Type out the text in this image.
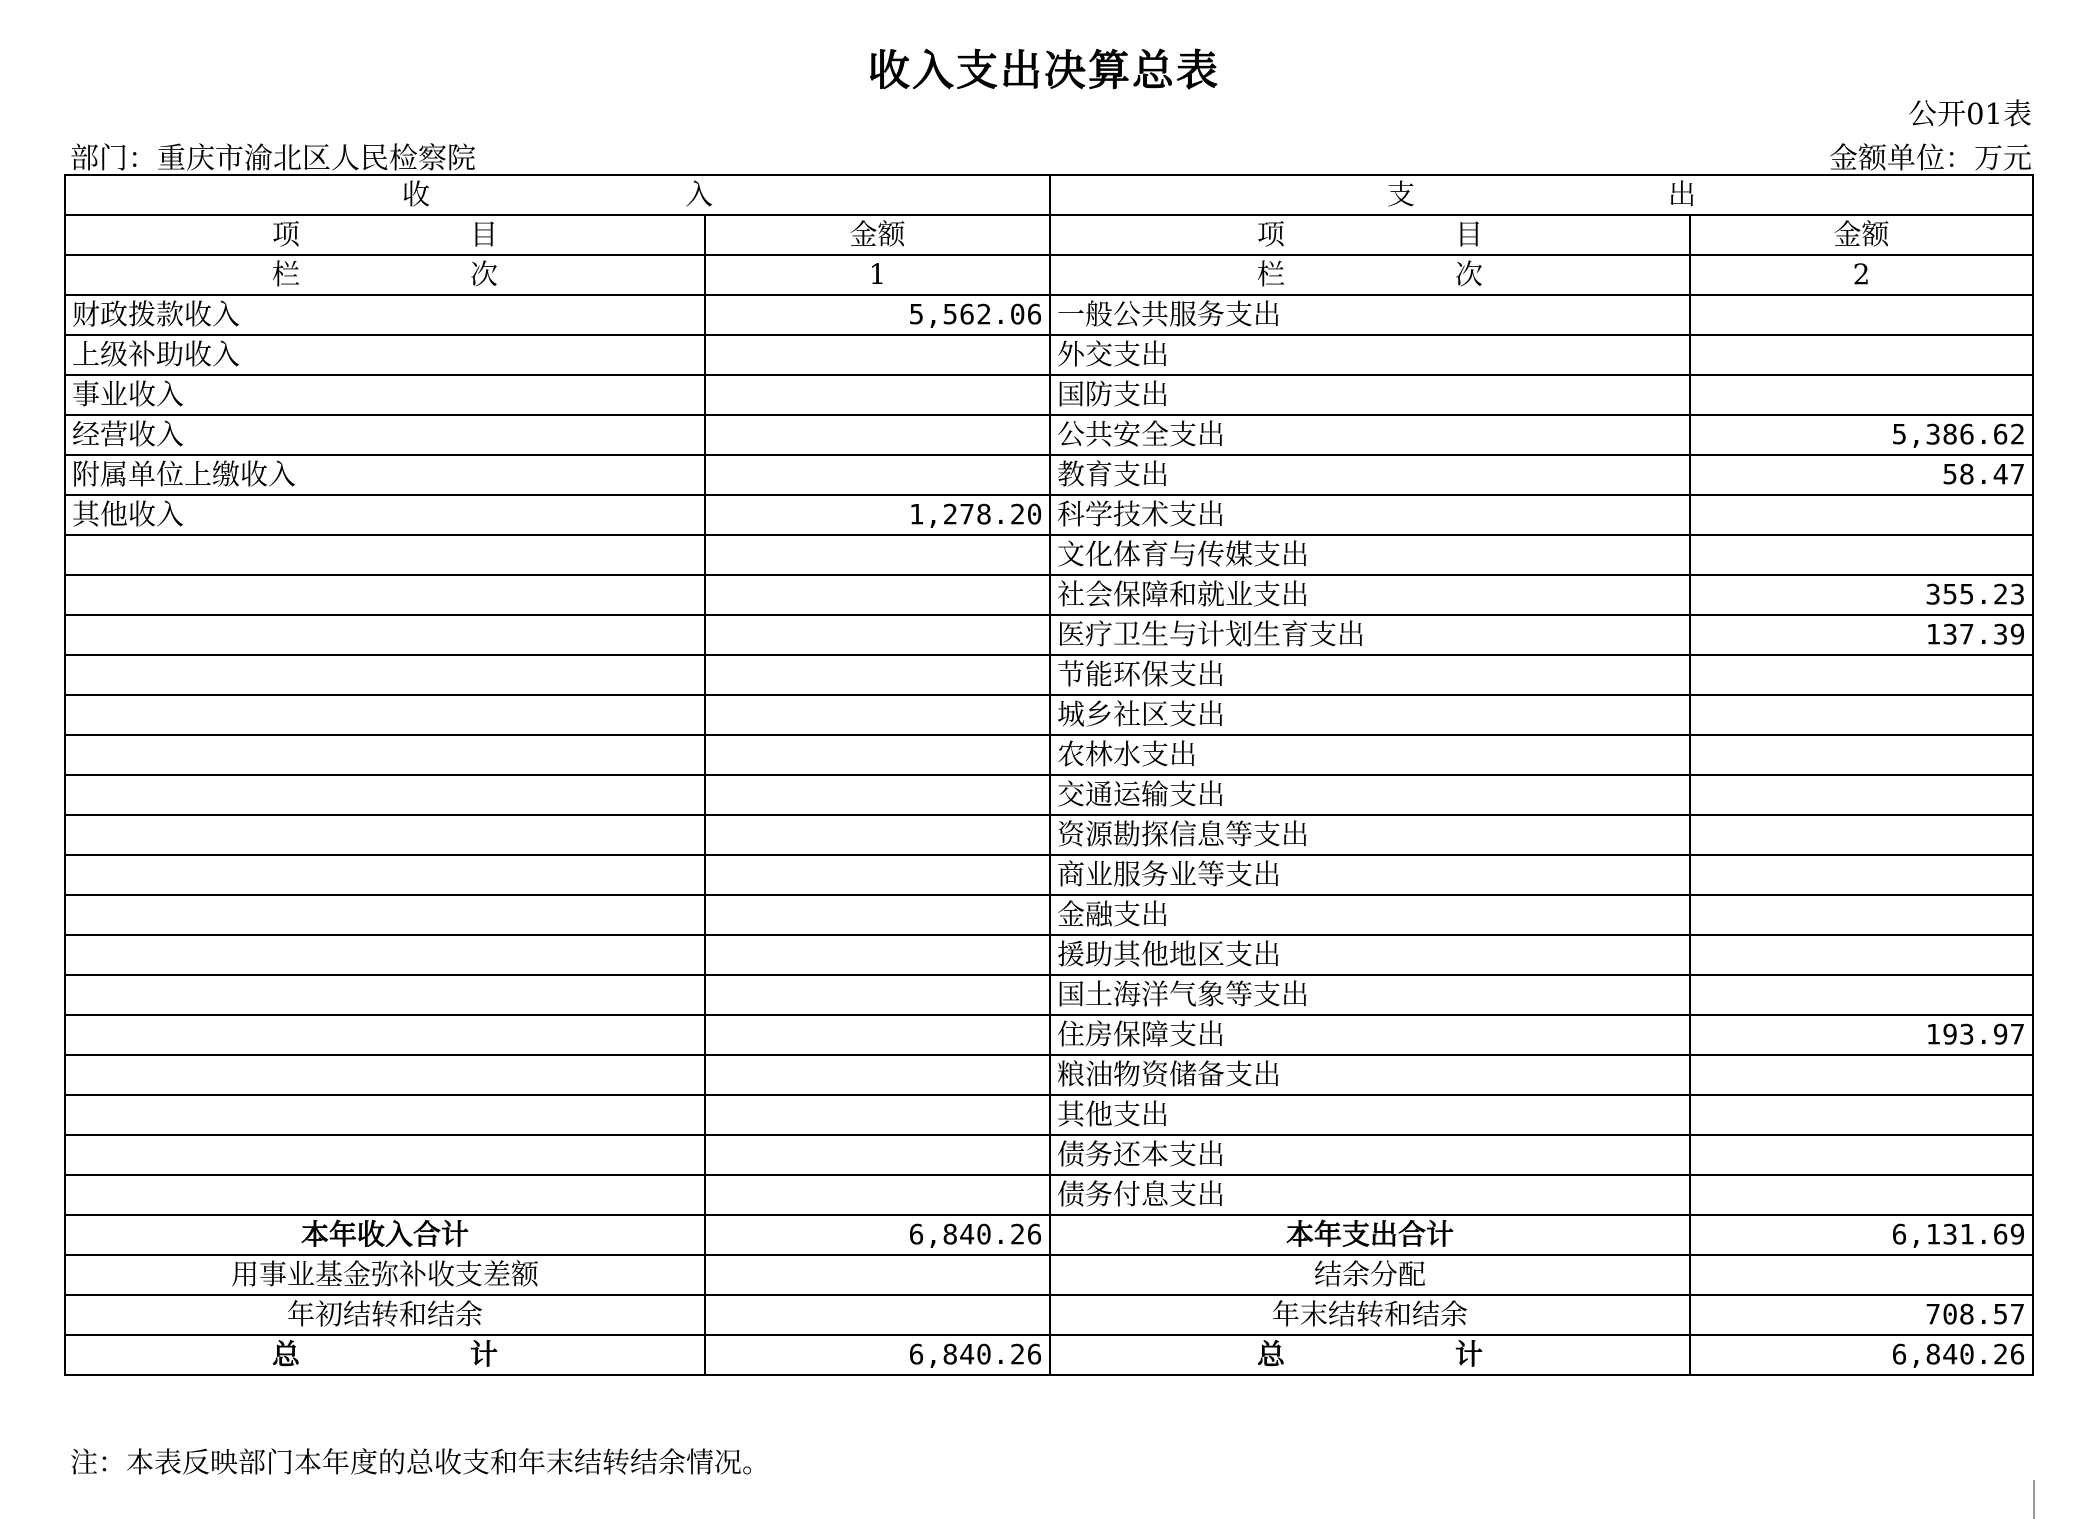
收入支出决算总表
公开01表
部门：重庆市渝北区人民检察院	金额单位：万元
收 入		支 出	

项 目	金额	项 目	金额

栏 次	1	栏 次	2
财政拨款收入	5,562.06	一般公共服务支出	
上级补助收入		外交支出	
事业收入		国防支出	
经营收入		公共安全支出	5,386.62
附属单位上缴收入		教育支出	58.47
其他收入	1,278.20	科学技术支出	
		文化体育与传媒支出	
		社会保障和就业支出	355.23
		医疗卫生与计划生育支出	137.39
		节能环保支出	
		城乡社区支出	
		农林水支出	
		交通运输支出	
		资源勘探信息等支出	
		商业服务业等支出	
		金融支出	
		援助其他地区支出	
		国土海洋气象等支出	
		住房保障支出	193.97
		粮油物资储备支出	
		其他支出	
		债务还本支出	
		债务付息支出	
本年收入合计	6,840.26	本年支出合计	6,131.69
用事业基金弥补收支差额		结余分配	
年初结转和结余		年末结转和结余	708.57

总 计	6,840.26	总 计	6,840.26
注：本表反映部门本年度的总收支和年末结转结余情况。
